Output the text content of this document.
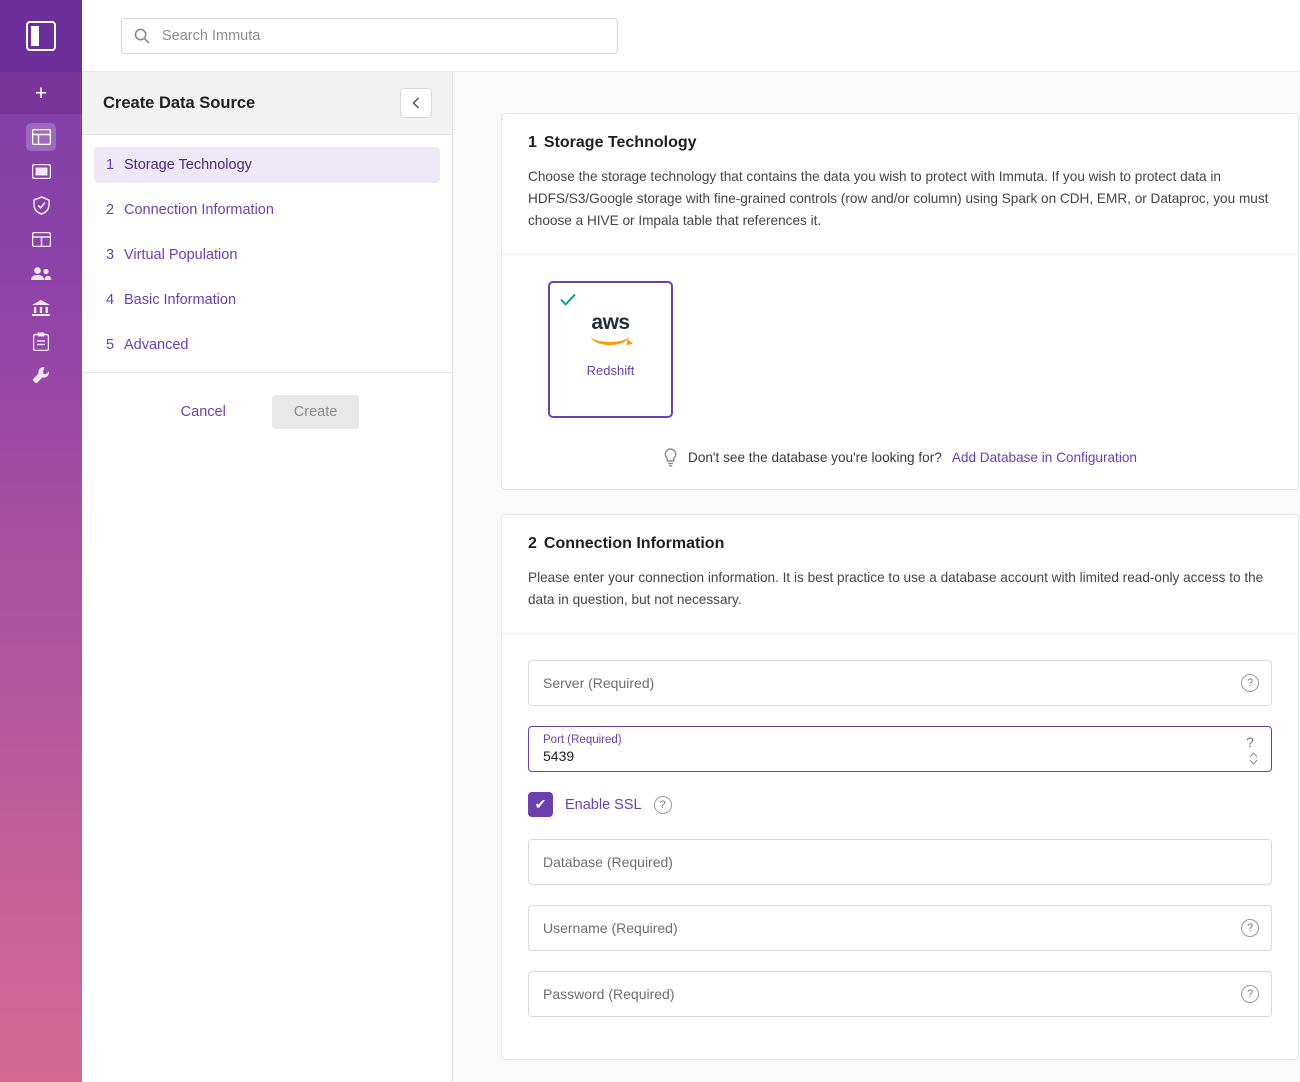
+
Search Immuta	Create Data Source
1 Storage Technology
2 Connection Information
3 Virtual Population
4 Basic Information
5 Advanced
Cancel	Create
1 Storage Technology
Choose the storage technology that contains the data you wish to protect with Immuta. If you wish to protect data in HDFS/S3/Google storage with fine-grained controls (row and/or column) using Spark on CDH, EMR, or Dataproc, you must choose a HIVE or Impala table that references it.
aws
Redshift
Don't see the database you're looking for? Add Database in Configuration
2 Connection Information
Please enter your connection information. It is best practice to use a database account with limited read-only access to the data in question, but not necessary.
Server (Required)	?
Port (Required)
5439
?
✔	Enable SSL	?
Database (Required)
Username (Required)	?
Password (Required)	?
